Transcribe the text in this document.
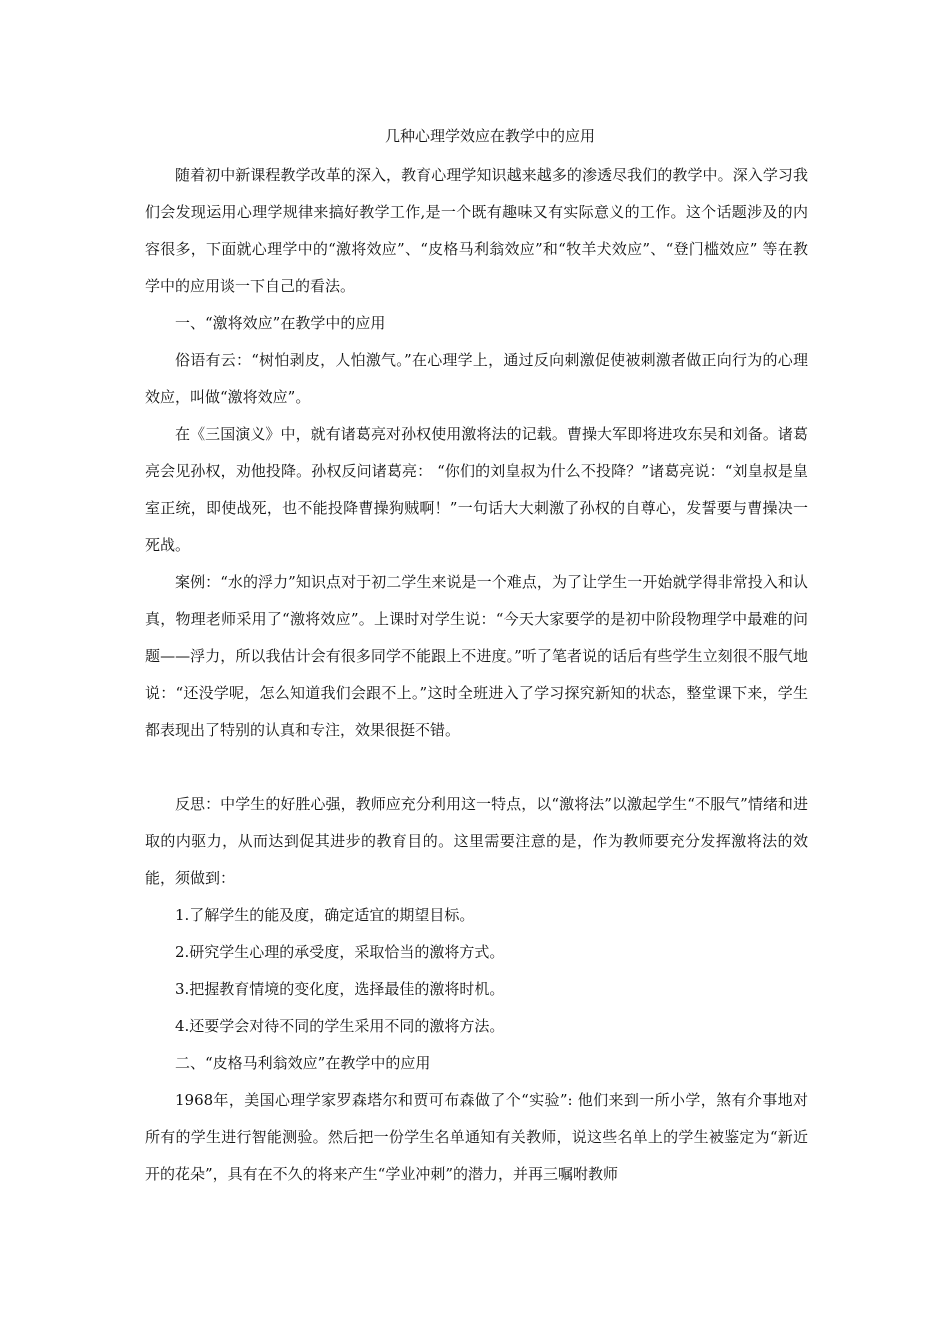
几种心理学效应在教学中的应用

随着初中新课程教学改革的深入，教育心理学知识越来越多的渗透尽我们的教学中。深入学习我们会发现运用心理学规律来搞好教学工作,是一个既有趣味又有实际意义的工作。这个话题涉及的内容很多，下面就心理学中的“激将效应”、“皮格马利翁效应”和“牧羊犬效应”、“登门槛效应” 等在教学中的应用谈一下自己的看法。

一、“激将效应”在教学中的应用

俗语有云：“树怕剥皮，人怕激气。”在心理学上，通过反向刺激促使被刺激者做正向行为的心理效应，叫做“激将效应”。

在《三国演义》中，就有诸葛亮对孙权使用激将法的记载。曹操大军即将进攻东吴和刘备。诸葛亮会见孙权，劝他投降。孙权反问诸葛亮： “你们的刘皇叔为什么不投降？”诸葛亮说：“刘皇叔是皇室正统，即使战死，也不能投降曹操狗贼啊！”一句话大大刺激了孙权的自尊心，发誓要与曹操决一死战。

案例：“水的浮力”知识点对于初二学生来说是一个难点，为了让学生一开始就学得非常投入和认真，物理老师采用了“激将效应”。上课时对学生说：“今天大家要学的是初中阶段物理学中最难的问题——浮力，所以我估计会有很多同学不能跟上不进度。”听了笔者说的话后有些学生立刻很不服气地说：“还没学呢，怎么知道我们会跟不上。”这时全班进入了学习探究新知的状态，整堂课下来，学生都表现出了特别的认真和专注，效果很挺不错。

反思：中学生的好胜心强，教师应充分利用这一特点，以“激将法”以激起学生“不服气”情绪和进取的内驱力，从而达到促其进步的教育目的。这里需要注意的是，作为教师要充分发挥激将法的效能，须做到：

1.了解学生的能及度，确定适宜的期望目标。

2.研究学生心理的承受度，采取恰当的激将方式。

3.把握教育情境的变化度，选择最佳的激将时机。

4.还要学会对待不同的学生采用不同的激将方法。

二、“皮格马利翁效应”在教学中的应用

1968年，美国心理学家罗森塔尔和贾可布森做了个“实验”: 他们来到一所小学，煞有介事地对所有的学生进行智能测验。然后把一份学生名单通知有关教师，说这些名单上的学生被鉴定为“新近开的花朵”，具有在不久的将来产生“学业冲刺”的潜力，并再三嘱咐教师
